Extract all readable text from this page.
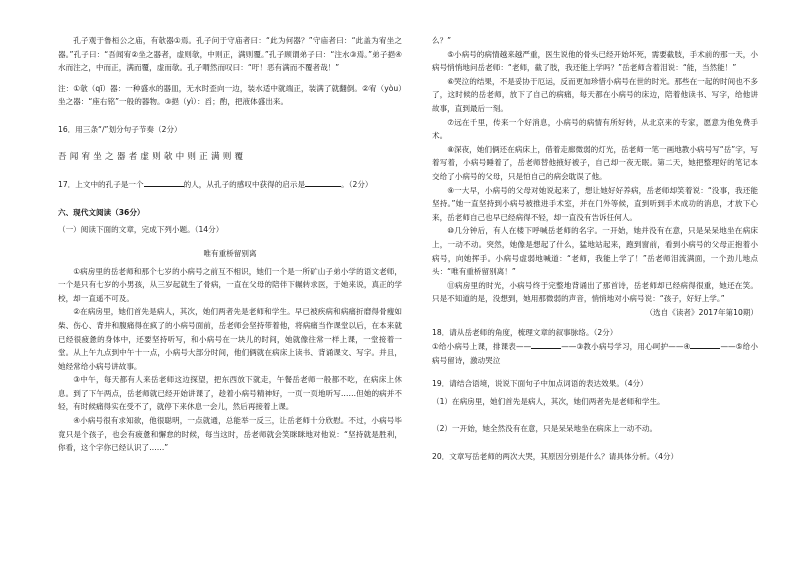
孔子观于鲁桓公之庙，有欹器①焉。孔子问于守庙者曰：“此为何器？”守庙者曰：“此盖为宥坐之器。”孔子曰：“吾闻宥②坐之器者，虚则欹，中则正，满则覆。”孔子顾谓弟子曰：“注水③焉。”弟子挹④水而注之，中而正，满而覆，虚而欹。孔子喟然而叹曰：“吁！恶有满而不覆者哉！”

注：①欹（qī）器：一种盛水的器皿，无水时歪向一边，装水适中就端正，装满了就翻倒。②宥（yòu）坐之器：“座右铭”一般的器物。③挹（yì）：舀；酌，把液体盛出来。

16．用三条“/”划分句子节奏（2分）

吾 闻 宥 坐 之 器 者 虚 则 欹 中 则 正 满 则 覆

17．上文中的孔子是一个	的人，从孔子的感叹中获得的启示是	。（2分）

六、现代文阅读（36分）

（一）阅读下面的文章，完成下列小题。（14分）

唯有重桥留别离

①病房里的岳老师和那个七岁的小病号之前互不相识，她们一个是一所矿山子弟小学的语文老师，一个是只有七岁的小男孩，从三岁起就生了骨病，一直在父母的陪伴下辗转求医，于她来说，真正的学校，却一直遥不可及。

②在病房里，她们首先是病人，其次，她们两者先是老师和学生。早已被疾病和病痛折磨得骨瘦如柴、伤心、背井和腹痛得在疯了的小病号面前，岳老师会坚持带着他，将病痛当作课堂以后，在本来就已经很疲惫的身体中，还要坚持听写，和小病号在一块儿的时间，她就像往常一样上课，一堂接着一堂。从上午九点到中午十一点，小病号大部分时间，他们俩就在病床上读书、背诵课文、写字。并且，她经常给小病号讲故事。

③中午，每天都有人来岳老师这边探望，把东西放下就走，午餐岳老师一般都不吃，在病床上休息。到了下午两点，岳老师就已经开始讲课了，趁着小病号精神好，一页一页地听写……但她的病并不轻，有时候痛得实在受不了，就停下来休息一会儿，然后再接着上课。

④小病号很有求知欲，他很聪明，一点就通，总能举一反三，让岳老师十分欣慰。不过，小病号毕竟只是个孩子，也会有疲惫和懈怠的时候，每当这时，岳老师就会笑眯眯地对他说：“坚持就是胜利，你看，这个字你已经认识了……”

么？”

⑤小病号的病情越来越严重，医生说他的骨头已经开始坏死，需要截肢，手术前的那一天，小病号悄悄地问岳老师：“老师，截了肢，我还能上学吗？”岳老师含着泪说：“能，当然能！”

⑥哭泣的结果，不是妥协于厄运，反而更加珍惜小病号在世的时光。那些在一起的时间也不多了，这时候的岳老师，放下了自己的病痛，每天都在小病号的床边，陪着他读书、写字，给他讲故事，直到最后一刻。

⑦远在千里，传来一个好消息，小病号的病情有所好转，从北京来的专家，愿意为他免费手术。

⑧深夜，她们俩还在病床上，借着走廊微弱的灯光，岳老师一笔一画地教小病号写“岳”字，写着写着，小病号睡着了，岳老师替他掖好被子，自己却一夜无眠。第二天，她把整理好的笔记本交给了小病号的父母，只是怕自己的病会耽误了他。

⑨一大早，小病号的父母对她说起来了，想让她好好养病，岳老师却笑着说：“没事，我还能坚持。”她一直坚持到小病号被推进手术室，并在门外等候，直到听到手术成功的消息，才放下心来，岳老师自己也早已经病得不轻，却一直没有告诉任何人。

⑩几分钟后，有人在楼下呼喊岳老师的名字。一开始，她并没有在意，只是呆呆地坐在病床上，一动不动。突然，她像是想起了什么，猛地站起来，跑到窗前，看到小病号的父母正抱着小病号，向她挥手。小病号虚弱地喊道：“老师，我能上学了！”岳老师泪流满面，一个劲儿地点头：“唯有重桥留别离！”

⑪病房里的时光，小病号终于完整地背诵出了那首诗，岳老师却已经病得很重，她还在笑。只是不知道的是，没想到，她用那微弱的声音，悄悄地对小病号说：“孩子，好好上学。”

（选自《读者》2017年第10期）

18．请从岳老师的角度，梳理文章的叙事脉络。（2分）

①给小病号上课，排课表——	——③教小病号学习，用心呵护——④	——⑤给小病号留诗，激动哭泣

19．请结合语境，说说下面句子中加点词语的表达效果。（4分）

（1）在病房里，她们首先是病人，其次，她们两者先是老师和学生。

（2）一开始，她全然没有在意，只是呆呆地坐在病床上一动不动。

20．文章写岳老师的两次大哭，其原因分别是什么？请具体分析。（4分）
